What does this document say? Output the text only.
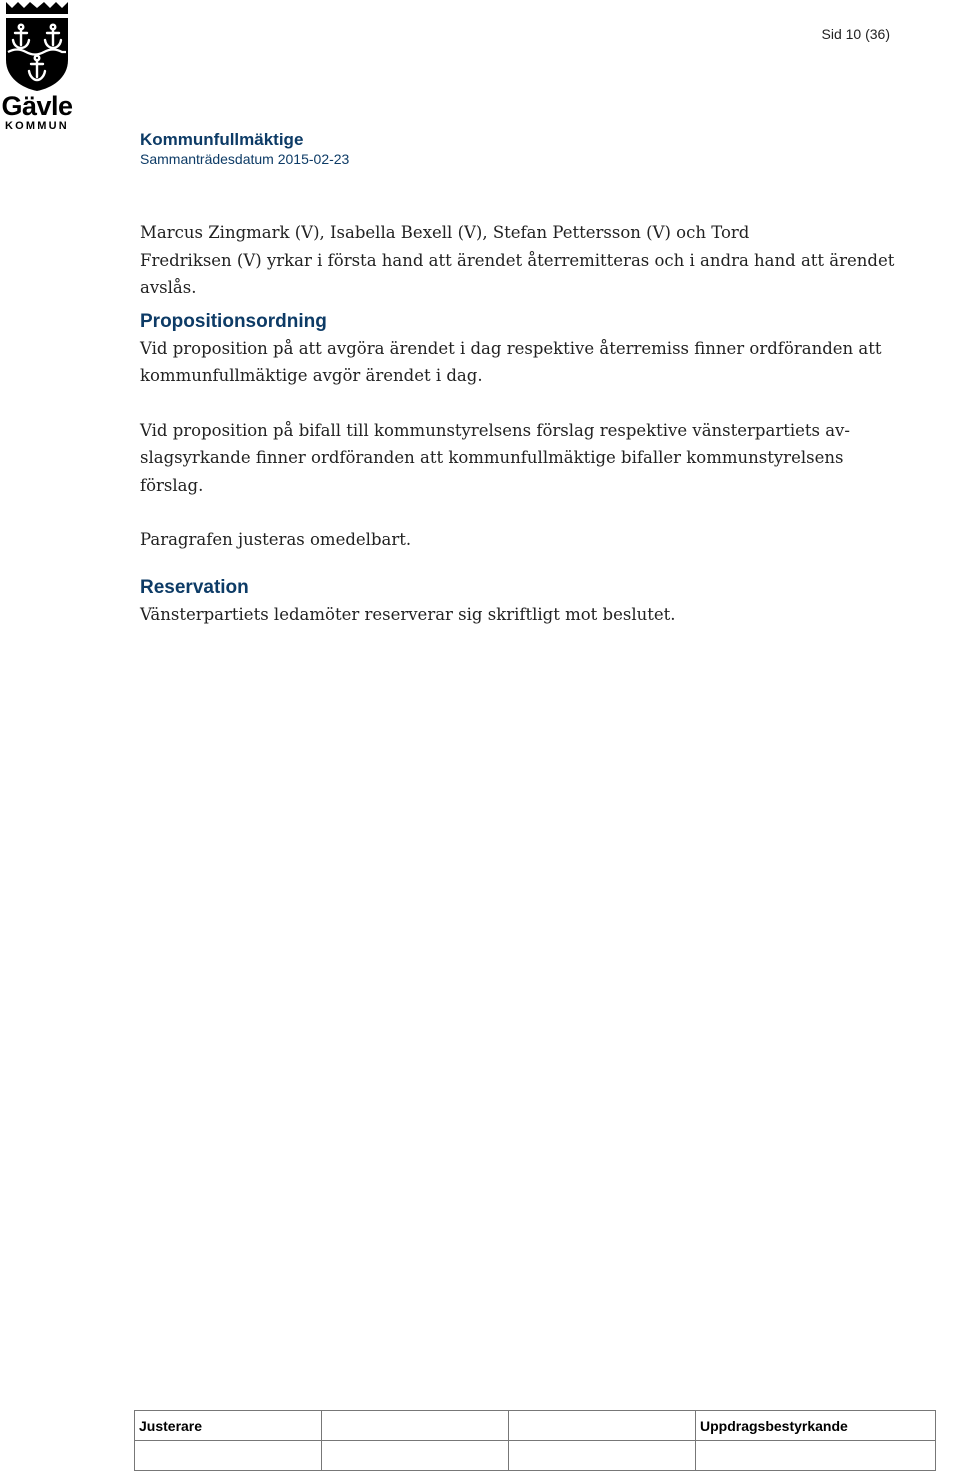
Gävle
KOMMUN
Sid 10 (36)
Kommunfullmäktige
Sammanträdesdatum 2015-02-23

Marcus Zingmark (V), Isabella Bexell (V), Stefan Pettersson (V) och Tord
Fredriksen (V) yrkar i första hand att ärendet återremitteras och i andra hand att ärendet
avslås.

Propositionsordning

Vid proposition på att avgöra ärendet i dag respektive återremiss finner ordföranden att
kommunfullmäktige avgör ärendet i dag.

Vid proposition på bifall till kommunstyrelsens förslag respektive vänsterpartiets av-
slagsyrkande finner ordföranden att kommunfullmäktige bifaller kommunstyrelsens
förslag.

Paragrafen justeras omedelbart.

Reservation

Vänsterpartiets ledamöter reserverar sig skriftligt mot beslutet.

Justerare			Uppdragsbestyrkande
